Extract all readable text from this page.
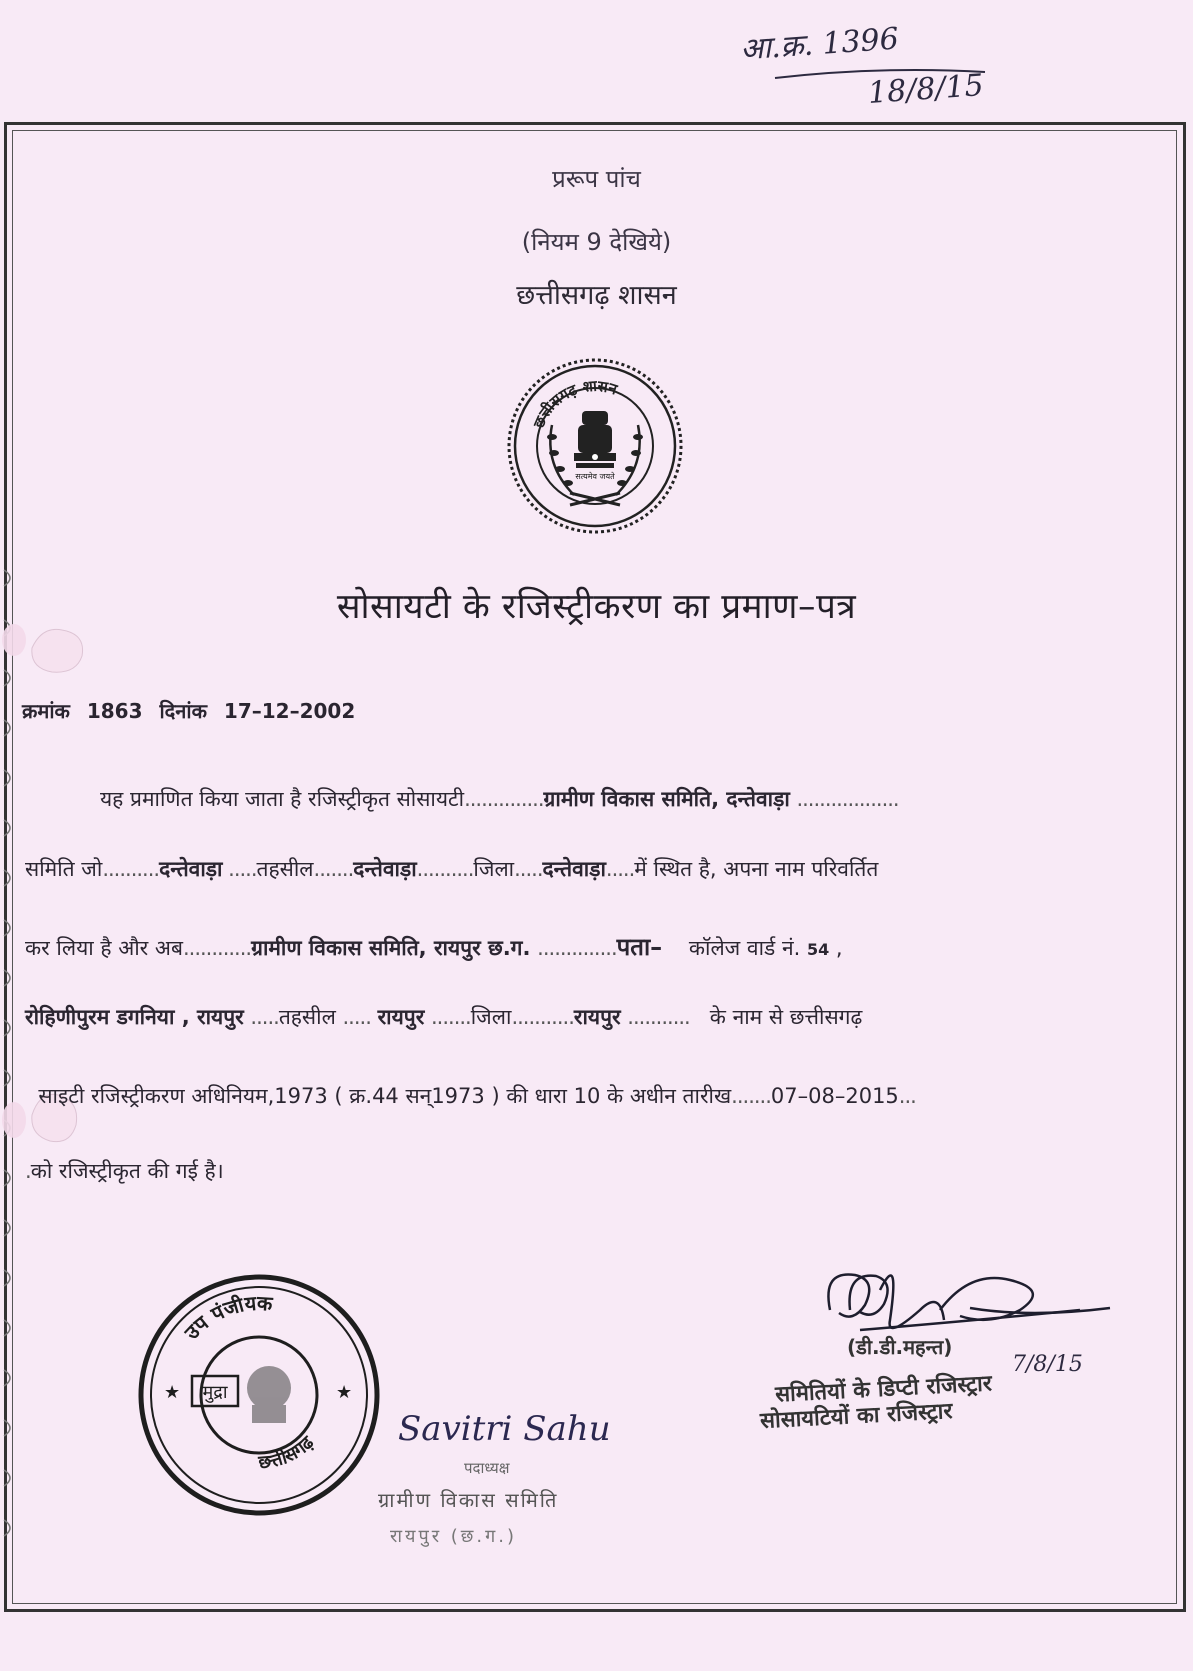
आ.क्र. 1396
18/8/15
प्ररूप पांच
(नियम 9 देखिये)
छत्तीसगढ़ शासन
छत्तीसगढ़ शासन
सत्यमेव जयते
सोसायटी के रजिस्ट्रीकरण का प्रमाण–पत्र
क्रमांक 1863 दिनांक 17–12–2002
यह प्रमाणित किया जाता है रजिस्ट्रीकृत सोसायटी..............ग्रामीण विकास समिति, दन्तेवाड़ा ..................
समिति जो..........दन्तेवाड़ा .....तहसील.......दन्तेवाड़ा..........जिला.....दन्तेवाड़ा.....में स्थित है, अपना नाम परिवर्तित
कर लिया है और अब............ग्रामीण विकास समिति, रायपुर छ.ग. ..............पता– कॉलेज वार्ड नं. 54 ,
रोहिणीपुरम डगनिया , रायपुर .....तहसील ..... रायपुर .......जिला...........रायपुर ........... के नाम से छत्तीसगढ़
साइटी रजिस्ट्रीकरण अधिनियम,1973 ( क्र.44 सन्1973 ) की धारा 10 के अधीन तारीख.......07–08–2015...
.को रजिस्ट्रीकृत की गई है।
उप पंजीयक
छत्तीसगढ़
★	★
मुद्रा
Savitri Sahu
पदाध्यक्ष
ग्रामीण विकास समिति
रायपुर (छ.ग.)
(डी.डी.महन्त)
7/8/15
समितियों के डिप्टी रजिस्ट्रार
सोसायटियों का रजिस्ट्रार
